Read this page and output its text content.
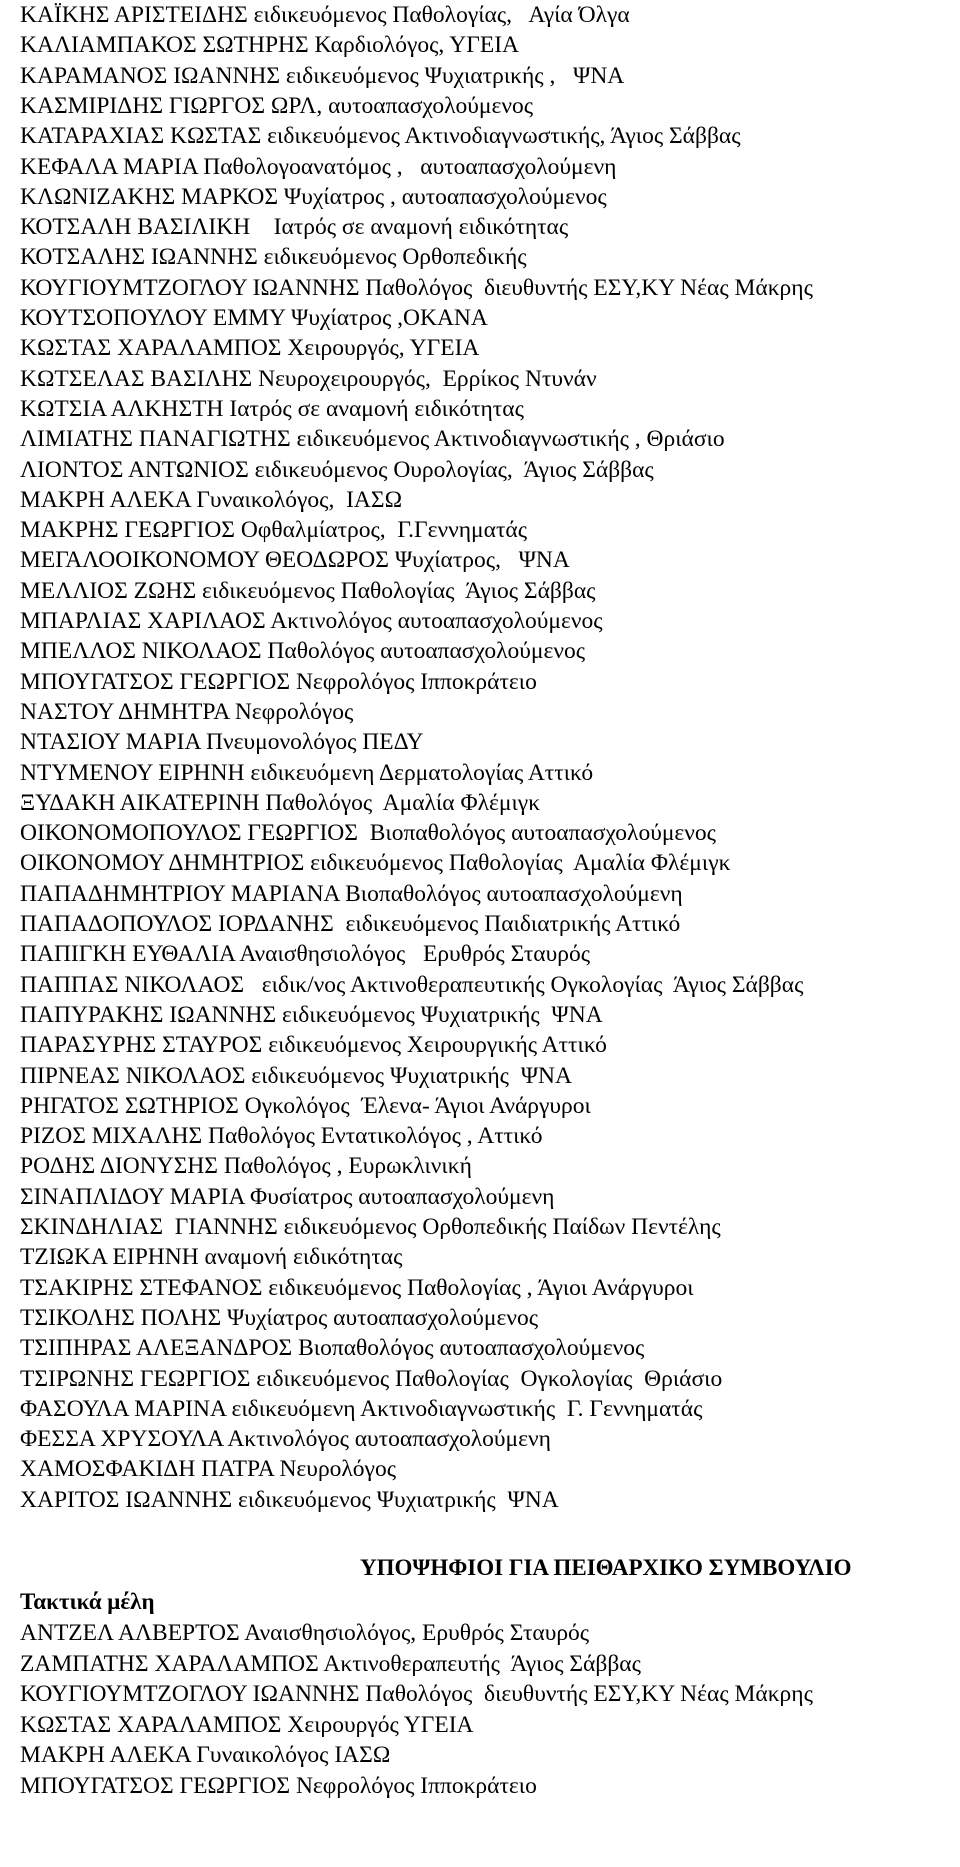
ΚΑΪΚΗΣ ΑΡΙΣΤΕΙΔΗΣ ειδικευόμενος Παθολογίας,   Αγία Όλγα
ΚΑΛΙΑΜΠΑΚΟΣ ΣΩΤΗΡΗΣ Καρδιολόγος, ΥΓΕΙΑ
ΚΑΡΑΜΑΝΟΣ ΙΩΑΝΝΗΣ ειδικευόμενος Ψυχιατρικής ,   ΨΝΑ
ΚΑΣΜΙΡΙΔΗΣ ΓΙΩΡΓΟΣ ΩΡΛ, αυτοαπασχολούμενος
ΚΑΤΑΡΑΧΙΑΣ ΚΩΣΤΑΣ ειδικευόμενος Ακτινοδιαγνωστικής, Άγιος Σάββας
ΚΕΦΑΛΑ ΜΑΡΙΑ Παθολογοανατόμος ,   αυτοαπασχολούμενη
ΚΛΩΝΙΖΑΚΗΣ ΜΑΡΚΟΣ Ψυχίατρος , αυτοαπασχολούμενος
ΚΟΤΣΑΛΗ ΒΑΣΙΛΙΚΗ    Ιατρός σε αναμονή ειδικότητας
ΚΟΤΣΑΛΗΣ ΙΩΑΝΝΗΣ ειδικευόμενος Ορθοπεδικής
ΚΟΥΓΙΟΥΜΤΖΟΓΛΟΥ ΙΩΑΝΝΗΣ Παθολόγος  διευθυντής ΕΣΥ,ΚΥ Νέας Μάκρης
ΚΟΥΤΣΟΠΟΥΛΟΥ ΕΜΜΥ Ψυχίατρος ,ΟΚΑΝΑ
ΚΩΣΤΑΣ ΧΑΡΑΛΑΜΠΟΣ Χειρουργός, ΥΓΕΙΑ
ΚΩΤΣΕΛΑΣ ΒΑΣΙΛΗΣ Νευροχειρουργός,  Ερρίκος Ντυνάν
ΚΩΤΣΙΑ ΑΛΚΗΣΤΗ Ιατρός σε αναμονή ειδικότητας
ΛΙΜΙΑΤΗΣ ΠΑΝΑΓΙΩΤΗΣ ειδικευόμενος Ακτινοδιαγνωστικής , Θριάσιο
ΛΙΟΝΤΟΣ ΑΝΤΩΝΙΟΣ ειδικευόμενος Ουρολογίας,  Άγιος Σάββας
ΜΑΚΡΗ ΑΛΕΚΑ Γυναικολόγος,  ΙΑΣΩ
ΜΑΚΡΗΣ ΓΕΩΡΓΙΟΣ Οφθαλμίατρος,  Γ.Γεννηματάς
ΜΕΓΑΛΟΟΙΚΟΝΟΜΟΥ ΘΕΟΔΩΡΟΣ Ψυχίατρος,   ΨΝΑ
ΜΕΛΛΙΟΣ ΖΩΗΣ ειδικευόμενος Παθολογίας  Άγιος Σάββας
ΜΠΑΡΛΙΑΣ ΧΑΡΙΛΑΟΣ Ακτινολόγος αυτοαπασχολούμενος
ΜΠΕΛΛΟΣ ΝΙΚΟΛΑΟΣ Παθολόγος αυτοαπασχολούμενος
ΜΠΟΥΓΑΤΣΟΣ ΓΕΩΡΓΙΟΣ Νεφρολόγος Ιπποκράτειο
ΝΑΣΤΟΥ ΔΗΜΗΤΡΑ Νεφρολόγος
ΝΤΑΣΙΟΥ ΜΑΡΙΑ Πνευμονολόγος ΠΕΔΥ
ΝΤΥΜΕΝΟΥ ΕΙΡΗΝΗ ειδικευόμενη Δερματολογίας Αττικό
ΞΥΔΑΚΗ ΑΙΚΑΤΕΡΙΝΗ Παθολόγος  Αμαλία Φλέμιγκ
ΟΙΚΟΝΟΜΟΠΟΥΛΟΣ ΓΕΩΡΓΙΟΣ  Βιοπαθολόγος αυτοαπασχολούμενος
ΟΙΚΟΝΟΜΟΥ ΔΗΜΗΤΡΙΟΣ ειδικευόμενος Παθολογίας  Αμαλία Φλέμιγκ
ΠΑΠΑΔΗΜΗΤΡΙΟΥ ΜΑΡΙΑΝΑ Βιοπαθολόγος αυτοαπασχολούμενη
ΠΑΠΑΔΟΠΟΥΛΟΣ ΙΟΡΔΑΝΗΣ  ειδικευόμενος Παιδιατρικής Αττικό
ΠΑΠΙΓΚΗ ΕΥΘΑΛΙΑ Αναισθησιολόγος   Ερυθρός Σταυρός
ΠΑΠΠΑΣ ΝΙΚΟΛΑΟΣ   ειδικ/νος Ακτινοθεραπευτικής Ογκολογίας  Άγιος Σάββας
ΠΑΠΥΡΑΚΗΣ ΙΩΑΝΝΗΣ ειδικευόμενος Ψυχιατρικής  ΨΝΑ
ΠΑΡΑΣΥΡΗΣ ΣΤΑΥΡΟΣ ειδικευόμενος Χειρουργικής Αττικό
ΠΙΡΝΕΑΣ ΝΙΚΟΛΑΟΣ ειδικευόμενος Ψυχιατρικής  ΨΝΑ
ΡΗΓΑΤΟΣ ΣΩΤΗΡΙΟΣ Ογκολόγος  Έλενα- Άγιοι Ανάργυροι
ΡΙΖΟΣ ΜΙΧΑΛΗΣ Παθολόγος Εντατικολόγος , Αττικό
ΡΟΔΗΣ ΔΙΟΝΥΣΗΣ Παθολόγος , Ευρωκλινική
ΣΙΝΑΠΛΙΔΟΥ ΜΑΡΙΑ Φυσίατρος αυτοαπασχολούμενη
ΣΚΙΝΔΗΛΙΑΣ  ΓΙΑΝΝΗΣ ειδικευόμενος Ορθοπεδικής Παίδων Πεντέλης
ΤΖΙΩΚΑ ΕΙΡΗΝΗ αναμονή ειδικότητας
ΤΣΑΚΙΡΗΣ ΣΤΕΦΑΝΟΣ ειδικευόμενος Παθολογίας , Άγιοι Ανάργυροι
ΤΣΙΚΟΛΗΣ ΠΟΛΗΣ Ψυχίατρος αυτοαπασχολούμενος
ΤΣΙΠΗΡΑΣ ΑΛΕΞΑΝΔΡΟΣ Βιοπαθολόγος αυτοαπασχολούμενος
ΤΣΙΡΩΝΗΣ ΓΕΩΡΓΙΟΣ ειδικευόμενος Παθολογίας  Ογκολογίας  Θριάσιο
ΦΑΣΟΥΛΑ ΜΑΡΙΝΑ ειδικευόμενη Ακτινοδιαγνωστικής  Γ. Γεννηματάς
ΦΕΣΣΑ ΧΡΥΣΟΥΛΑ Ακτινολόγος αυτοαπασχολούμενη
ΧΑΜΟΣΦΑΚΙΔΗ ΠΑΤΡΑ Νευρολόγος
ΧΑΡΙΤΟΣ ΙΩΑΝΝΗΣ ειδικευόμενος Ψυχιατρικής  ΨΝΑ
ΥΠΟΨΗΦΙΟΙ ΓΙΑ ΠΕΙΘΑΡΧΙΚΟ ΣΥΜΒΟΥΛΙΟ
Τακτικά μέλη
ΑΝΤΖΕΛ ΑΛΒΕΡΤΟΣ Αναισθησιολόγος, Ερυθρός Σταυρός
ΖΑΜΠΑΤΗΣ ΧΑΡΑΛΑΜΠΟΣ Ακτινοθεραπευτής  Άγιος Σάββας
ΚΟΥΓΙΟΥΜΤΖΟΓΛΟΥ ΙΩΑΝΝΗΣ Παθολόγος  διευθυντής ΕΣΥ,ΚΥ Νέας Μάκρης
ΚΩΣΤΑΣ ΧΑΡΑΛΑΜΠΟΣ Χειρουργός ΥΓΕΙΑ
ΜΑΚΡΗ ΑΛΕΚΑ Γυναικολόγος ΙΑΣΩ
ΜΠΟΥΓΑΤΣΟΣ ΓΕΩΡΓΙΟΣ Νεφρολόγος Ιπποκράτειο
